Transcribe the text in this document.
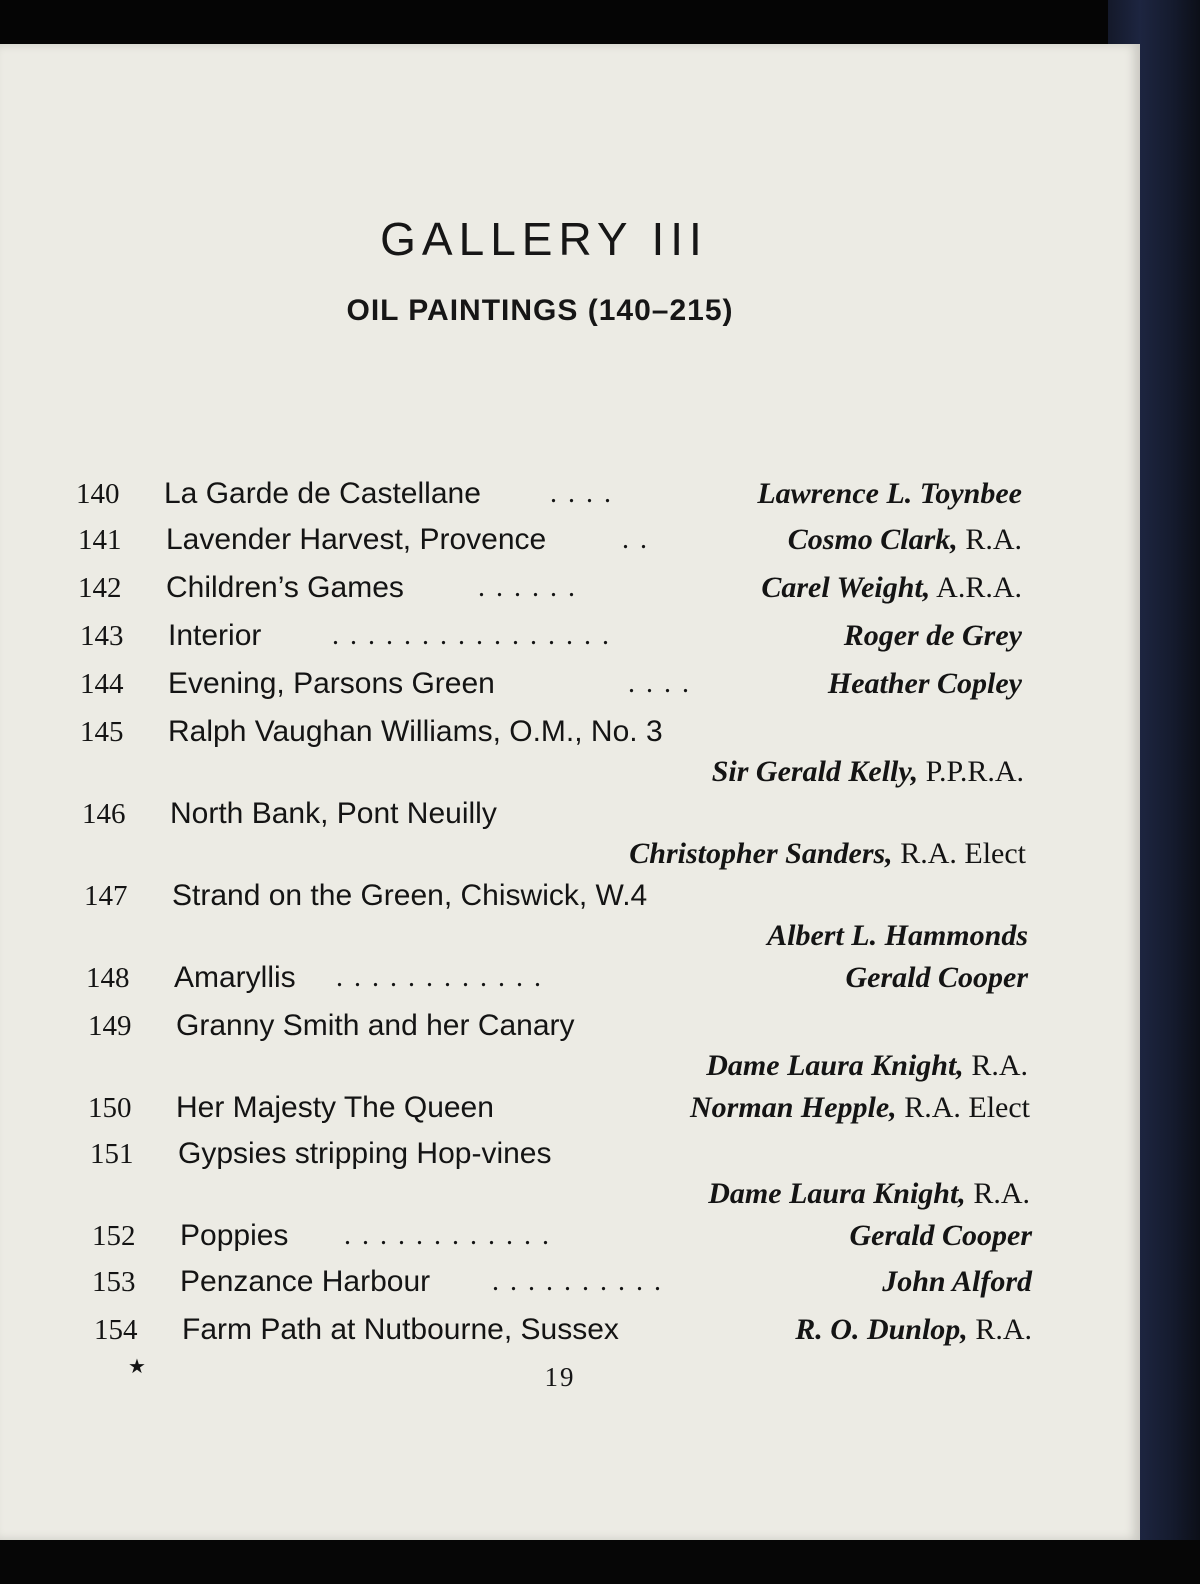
GALLERY III
OIL PAINTINGS (140–215)
140	La Garde de Castellane . . . .	Lawrence L. Toynbee
141	Lavender Harvest, Provence	. .	Cosmo Clark, R.A.
142	Children’s Games	. . . . . .	Carel Weight, A.R.A.
143	Interior	. . . . . . . . . . . . . . . .	Roger de Grey
144	Evening, Parsons Green	. . . .	Heather Copley
145	Ralph Vaughan Williams, O.M., No. 3
Sir Gerald Kelly, P.P.R.A.
146	North Bank, Pont Neuilly
Christopher Sanders, R.A. Elect
147	Strand on the Green, Chiswick, W.4
Albert L. Hammonds
148	Amaryllis . . . . . . . . . . . .	Gerald Cooper
149	Granny Smith and her Canary
Dame Laura Knight, R.A.
150	Her Majesty The Queen	Norman Hepple, R.A. Elect
151	Gypsies stripping Hop-vines
Dame Laura Knight, R.A.
152	Poppies . . . . . . . . . . . .	Gerald Cooper
153	Penzance Harbour . . . . . . . . . .	John Alford
154	Farm Path at Nutbourne, Sussex	R. O. Dunlop, R.A.
★	19
